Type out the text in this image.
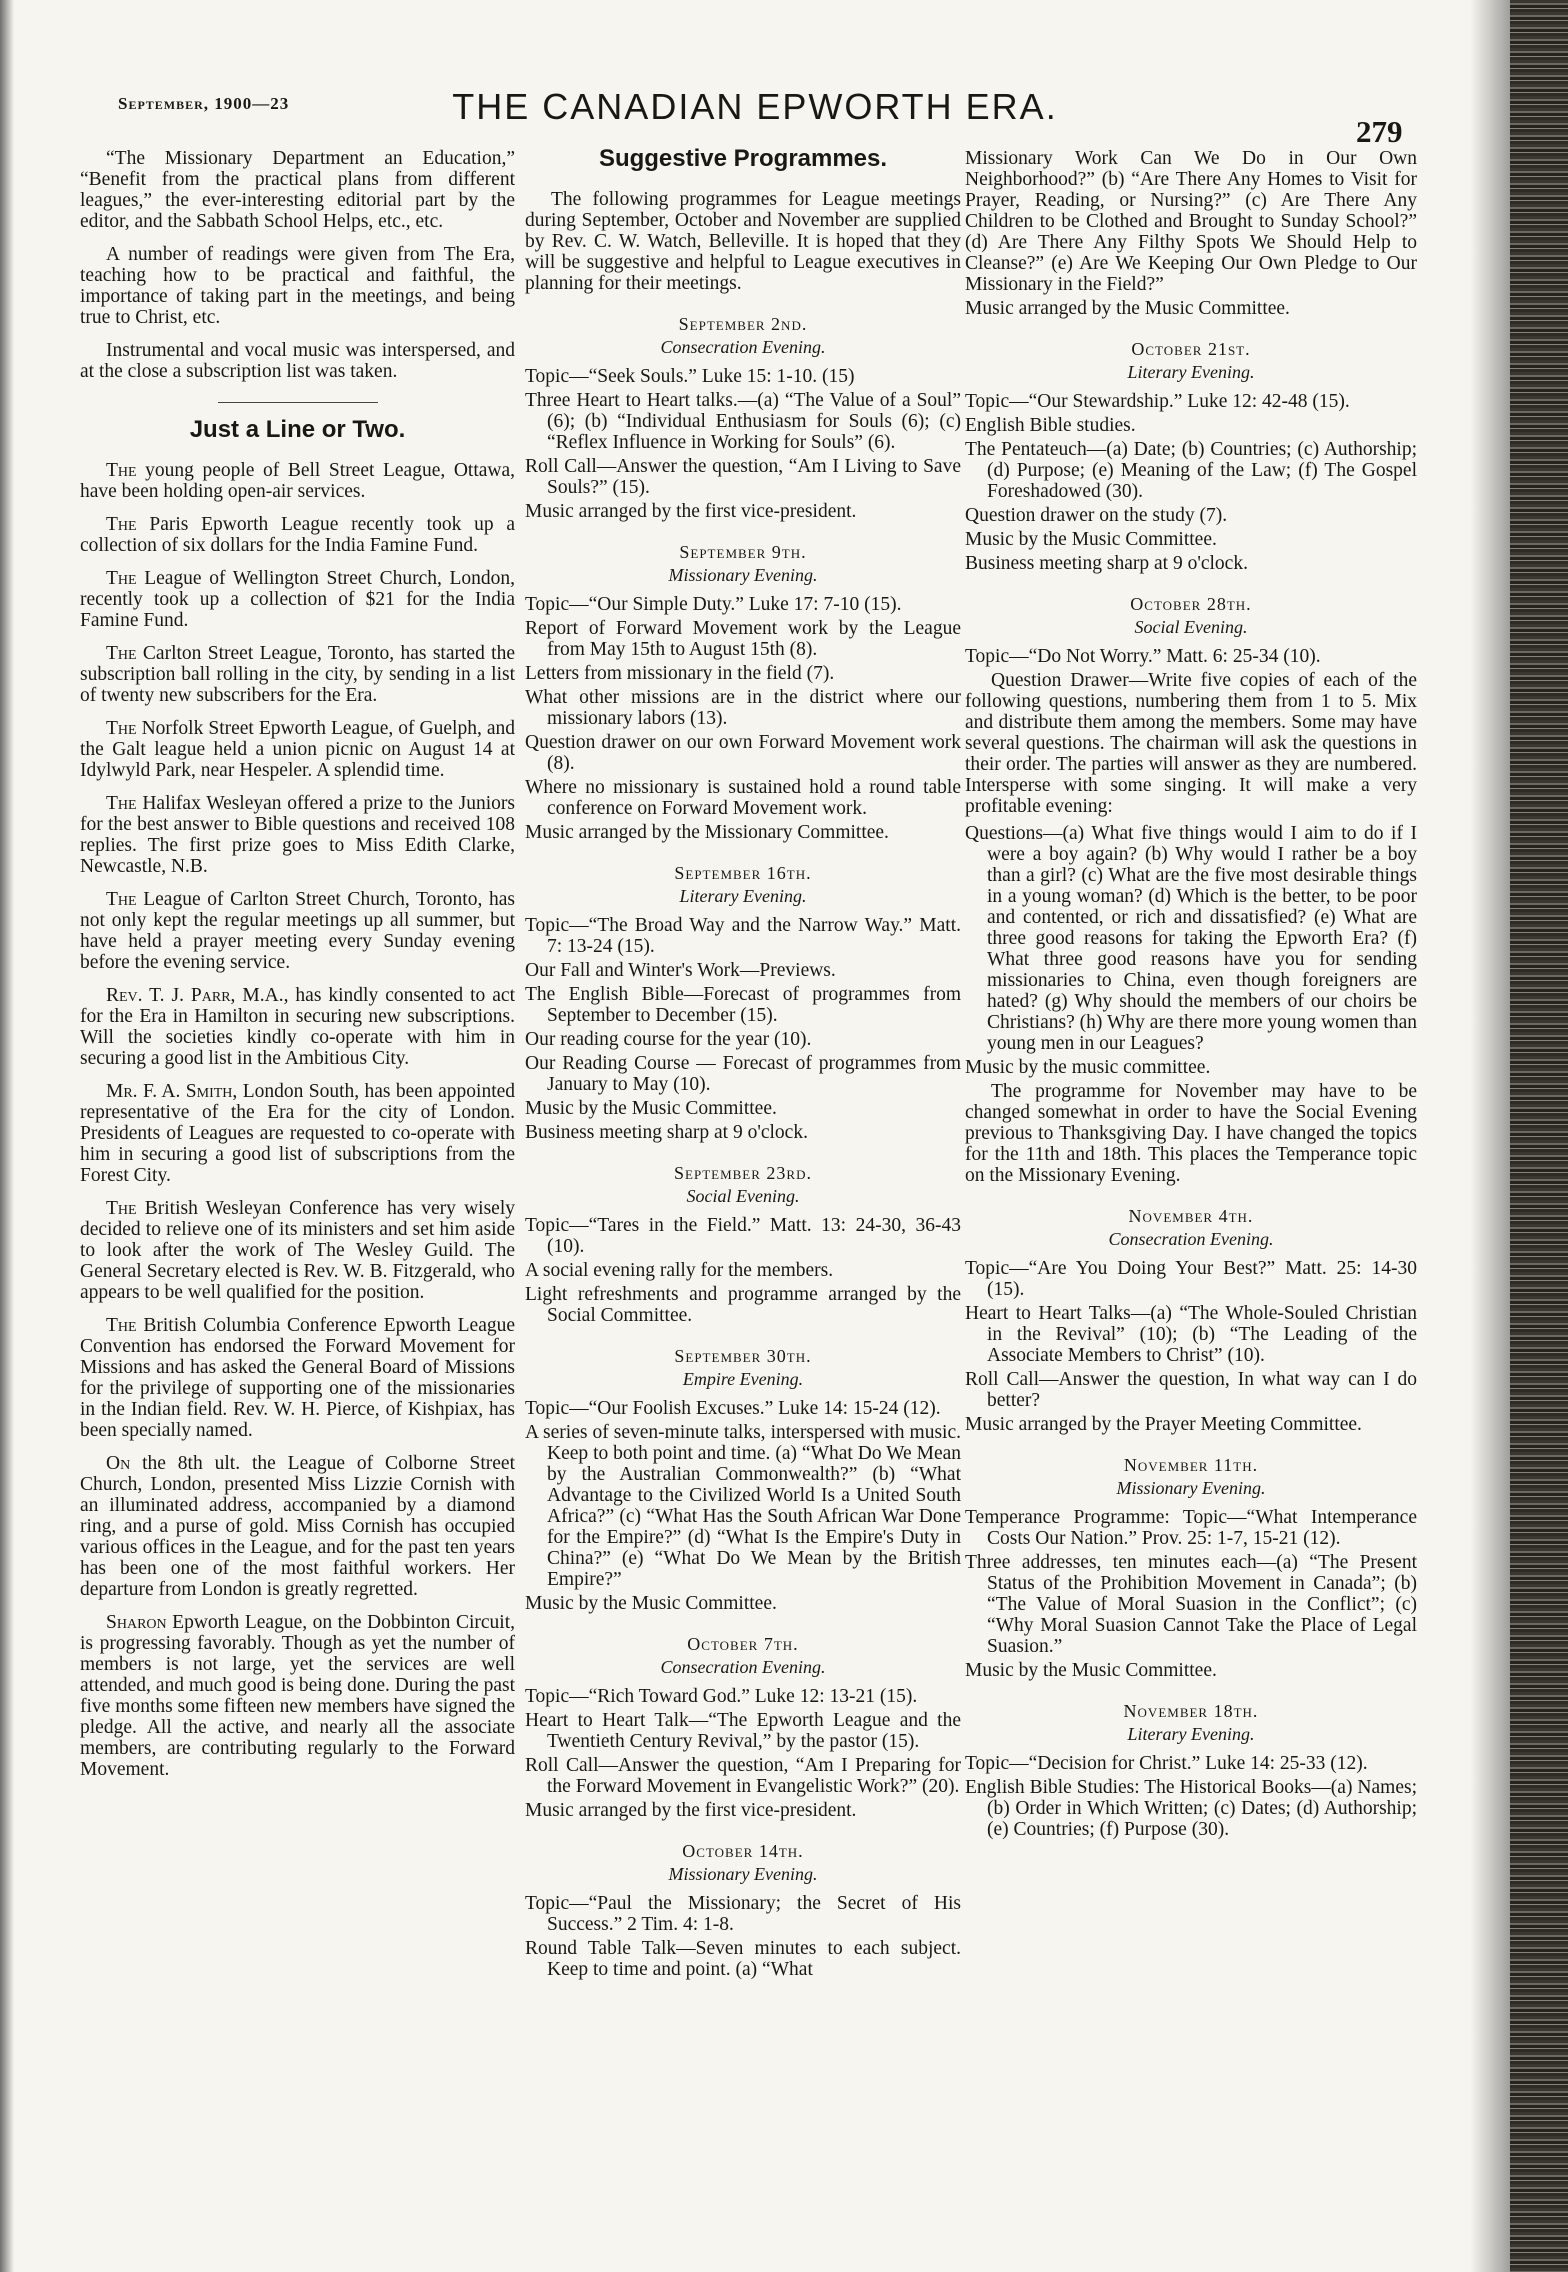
September, 1900—23	THE CANADIAN EPWORTH ERA.
279

“The Missionary Department an Education,” “Benefit from the practical plans from different leagues,” the ever-interesting editorial part by the editor, and the Sabbath School Helps, etc., etc.

A number of readings were given from The Era, teaching how to be practical and faithful, the importance of taking part in the meetings, and being true to Christ, etc.

Instrumental and vocal music was interspersed, and at the close a subscription list was taken.

Just a Line or Two.

The young people of Bell Street League, Ottawa, have been holding open-air services.

The Paris Epworth League recently took up a collection of six dollars for the India Famine Fund.

The League of Wellington Street Church, London, recently took up a collection of $21 for the India Famine Fund.

The Carlton Street League, Toronto, has started the subscription ball rolling in the city, by sending in a list of twenty new subscribers for the Era.

The Norfolk Street Epworth League, of Guelph, and the Galt league held a union picnic on August 14 at Idylwyld Park, near Hespeler. A splendid time.

The Halifax Wesleyan offered a prize to the Juniors for the best answer to Bible questions and received 108 replies. The first prize goes to Miss Edith Clarke, Newcastle, N.B.

The League of Carlton Street Church, Toronto, has not only kept the regular meetings up all summer, but have held a prayer meeting every Sunday evening before the evening service.

Rev. T. J. Parr, M.A., has kindly consented to act for the Era in Hamilton in securing new subscriptions. Will the societies kindly co-operate with him in securing a good list in the Ambitious City.

Mr. F. A. Smith, London South, has been appointed representative of the Era for the city of London. Presidents of Leagues are requested to co-operate with him in securing a good list of subscriptions from the Forest City.

The British Wesleyan Conference has very wisely decided to relieve one of its ministers and set him aside to look after the work of The Wesley Guild. The General Secretary elected is Rev. W. B. Fitzgerald, who appears to be well qualified for the position.

The British Columbia Conference Epworth League Convention has endorsed the Forward Movement for Missions and has asked the General Board of Missions for the privilege of supporting one of the missionaries in the Indian field. Rev. W. H. Pierce, of Kishpiax, has been specially named.

On the 8th ult. the League of Colborne Street Church, London, presented Miss Lizzie Cornish with an illuminated address, accompanied by a diamond ring, and a purse of gold. Miss Cornish has occupied various offices in the League, and for the past ten years has been one of the most faithful workers. Her departure from London is greatly regretted.

Sharon Epworth League, on the Dobbinton Circuit, is progressing favorably. Though as yet the number of members is not large, yet the services are well attended, and much good is being done. During the past five months some fifteen new members have signed the pledge. All the active, and nearly all the associate members, are contributing regularly to the Forward Movement.

Suggestive Programmes.

The following programmes for League meetings during September, October and November are supplied by Rev. C. W. Watch, Belleville. It is hoped that they will be suggestive and helpful to League executives in planning for their meetings.

September 2nd.
Consecration Evening.

Topic—“Seek Souls.” Luke 15: 1-10. (15)

Three Heart to Heart talks.—(a) “The Value of a Soul” (6); (b) “Individual Enthusiasm for Souls (6); (c) “Reflex Influence in Working for Souls” (6).

Roll Call—Answer the question, “Am I Living to Save Souls?” (15).

Music arranged by the first vice-president.

September 9th.
Missionary Evening.

Topic—“Our Simple Duty.” Luke 17: 7-10 (15).

Report of Forward Movement work by the League from May 15th to August 15th (8).

Letters from missionary in the field (7).

What other missions are in the district where our missionary labors (13).

Question drawer on our own Forward Movement work (8).

Where no missionary is sustained hold a round table conference on Forward Movement work.

Music arranged by the Missionary Committee.

September 16th.
Literary Evening.

Topic—“The Broad Way and the Narrow Way.” Matt. 7: 13-24 (15).

Our Fall and Winter's Work—Previews.

The English Bible—Forecast of programmes from September to December (15).

Our reading course for the year (10).

Our Reading Course — Forecast of programmes from January to May (10).

Music by the Music Committee.

Business meeting sharp at 9 o'clock.

September 23rd.
Social Evening.

Topic—“Tares in the Field.” Matt. 13: 24-30, 36-43 (10).

A social evening rally for the members.

Light refreshments and programme arranged by the Social Committee.

September 30th.
Empire Evening.

Topic—“Our Foolish Excuses.” Luke 14: 15-24 (12).

A series of seven-minute talks, interspersed with music. Keep to both point and time. (a) “What Do We Mean by the Australian Commonwealth?” (b) “What Advantage to the Civilized World Is a United South Africa?” (c) “What Has the South African War Done for the Empire?” (d) “What Is the Empire's Duty in China?” (e) “What Do We Mean by the British Empire?”

Music by the Music Committee.

October 7th.
Consecration Evening.

Topic—“Rich Toward God.” Luke 12: 13-21 (15).

Heart to Heart Talk—“The Epworth League and the Twentieth Century Revival,” by the pastor (15).

Roll Call—Answer the question, “Am I Preparing for the Forward Movement in Evangelistic Work?” (20).

Music arranged by the first vice-president.

October 14th.
Missionary Evening.

Topic—“Paul the Missionary; the Secret of His Success.” 2 Tim. 4: 1-8.

Round Table Talk—Seven minutes to each subject. Keep to time and point. (a) “What

Missionary Work Can We Do in Our Own Neighborhood?” (b) “Are There Any Homes to Visit for Prayer, Reading, or Nursing?” (c) Are There Any Children to be Clothed and Brought to Sunday School?” (d) Are There Any Filthy Spots We Should Help to Cleanse?” (e) Are We Keeping Our Own Pledge to Our Missionary in the Field?”

Music arranged by the Music Committee.

October 21st.
Literary Evening.

Topic—“Our Stewardship.” Luke 12: 42-48 (15).

English Bible studies.

The Pentateuch—(a) Date; (b) Countries; (c) Authorship; (d) Purpose; (e) Meaning of the Law; (f) The Gospel Foreshadowed (30).

Question drawer on the study (7).

Music by the Music Committee.

Business meeting sharp at 9 o'clock.

October 28th.
Social Evening.

Topic—“Do Not Worry.” Matt. 6: 25-34 (10).

Question Drawer—Write five copies of each of the following questions, numbering them from 1 to 5. Mix and distribute them among the members. Some may have several questions. The chairman will ask the questions in their order. The parties will answer as they are numbered. Intersperse with some singing. It will make a very profitable evening:

Questions—(a) What five things would I aim to do if I were a boy again? (b) Why would I rather be a boy than a girl? (c) What are the five most desirable things in a young woman? (d) Which is the better, to be poor and contented, or rich and dissatisfied? (e) What are three good reasons for taking the Epworth Era? (f) What three good reasons have you for sending missionaries to China, even though foreigners are hated? (g) Why should the members of our choirs be Christians? (h) Why are there more young women than young men in our Leagues?

Music by the music committee.

The programme for November may have to be changed somewhat in order to have the Social Evening previous to Thanksgiving Day. I have changed the topics for the 11th and 18th. This places the Temperance topic on the Missionary Evening.

November 4th.
Consecration Evening.

Topic—“Are You Doing Your Best?” Matt. 25: 14-30 (15).

Heart to Heart Talks—(a) “The Whole-Souled Christian in the Revival” (10); (b) “The Leading of the Associate Members to Christ” (10).

Roll Call—Answer the question, In what way can I do better?

Music arranged by the Prayer Meeting Committee.

November 11th.
Missionary Evening.

Temperance Programme: Topic—“What Intemperance Costs Our Nation.” Prov. 25: 1-7, 15-21 (12).

Three addresses, ten minutes each—(a) “The Present Status of the Prohibition Movement in Canada”; (b) “The Value of Moral Suasion in the Conflict”; (c) “Why Moral Suasion Cannot Take the Place of Legal Suasion.”

Music by the Music Committee.

November 18th.
Literary Evening.

Topic—“Decision for Christ.” Luke 14: 25-33 (12).

English Bible Studies: The Historical Books—(a) Names; (b) Order in Which Written; (c) Dates; (d) Authorship; (e) Countries; (f) Purpose (30).
